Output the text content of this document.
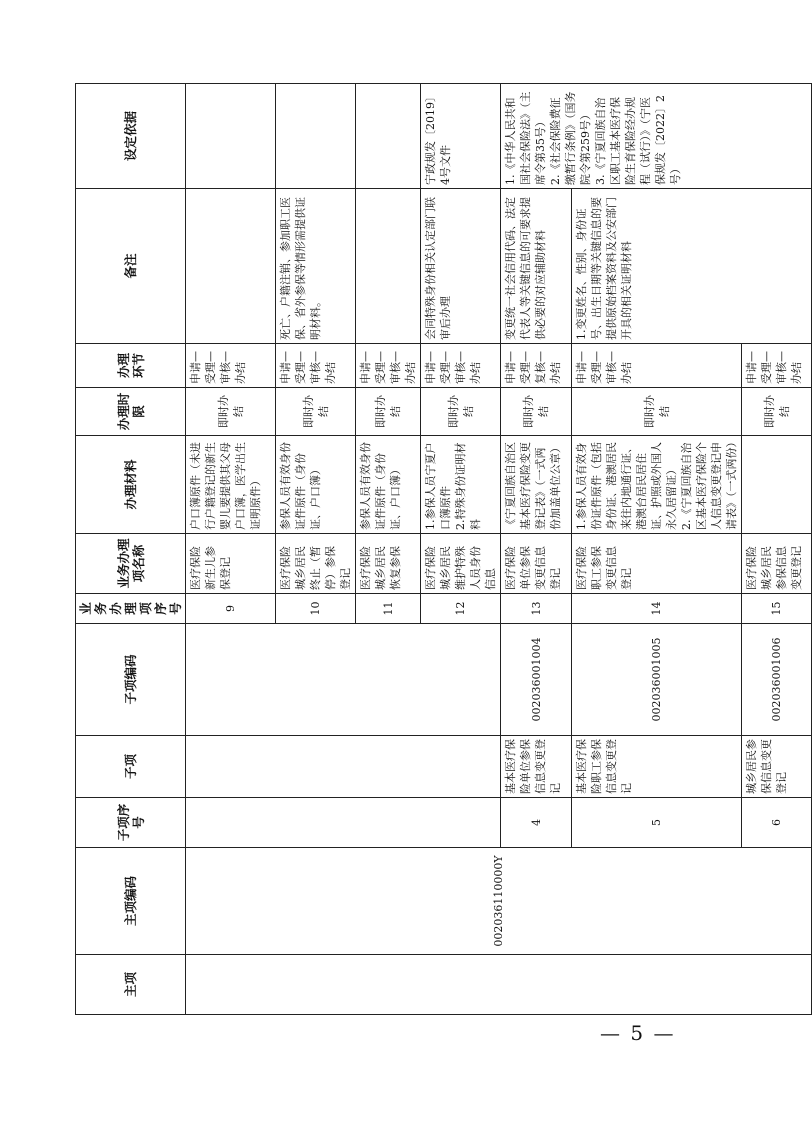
主项	主项编码	子项序号	子项	子项编码	业务办理项序号	业务办理项名称	办理材料	办理时限	办理环节	备注	设定依据
	002036110000Y				9	医疗保险新生儿参保登记	户口簿原件（未进行户籍登记的新生婴儿要提供其父母户口簿，医学出生证明原件）	即时办结	申请—受理—审核—办结		
					10	医疗保险城乡居民终止（暂停）参保登记	参保人员有效身份证件原件（身份证、户口簿）	即时办结	申请—受理—审核—办结	死亡、户籍注销、参加职工医保、省外参保等情形需提供证明材料。	
					11	医疗保险城乡居民恢复参保	参保人员有效身份证件原件（身份证、户口簿）	即时办结	申请—受理—审核—办结		
					12	医疗保险城乡居民维护特殊人员身份信息	1.参保人员宁夏户口簿原件
2.特殊身份证明材料	即时办结	申请—受理—审核—办结	会同特殊身份相关认定部门联审后办理	宁政规发〔2019〕4号文件
		4	基本医疗保险单位参保信息变更登记	002036001004	13	医疗保险单位参保变更信息登记	《宁夏回族自治区基本医疗保险变更登记表》（一式两份加盖单位公章）	即时办结	申请—受理—复核—办结	变更统一社会信用代码、法定代表人等关键信息的可要求提供必要的对应辅助材料	1.《中华人民共和国社会保险法》（主席令第35号）
2.《社会保险费征缴暂行条例》（国务院令第259号）
3.《宁夏回族自治区职工基本医疗保险生育保险经办规程（试行）》（宁医保规发〔2022〕2号）
		5	基本医疗保险职工参保信息变更登记	002036001005	14	医疗保险职工参保变更信息登记	1.参保人员有效身份证件原件（包括身份证、港澳居民来往内地通行证、港澳台居民居住证、护照或外国人永久居留证）
2.《宁夏回族自治区基本医疗保险个人信息变更登记申请表》（一式两份）	即时办结	申请—受理—审核—办结	1.变更姓名、性别、身份证号、出生日期等关键信息的要提供原始档案资料及公安部门开具的相关证明材料	
		6	城乡居民参保信息变更登记	002036001006	15	医疗保险城乡居民参保信息变更登记		即时办结	申请—受理—审核—办结		
— 5 —
